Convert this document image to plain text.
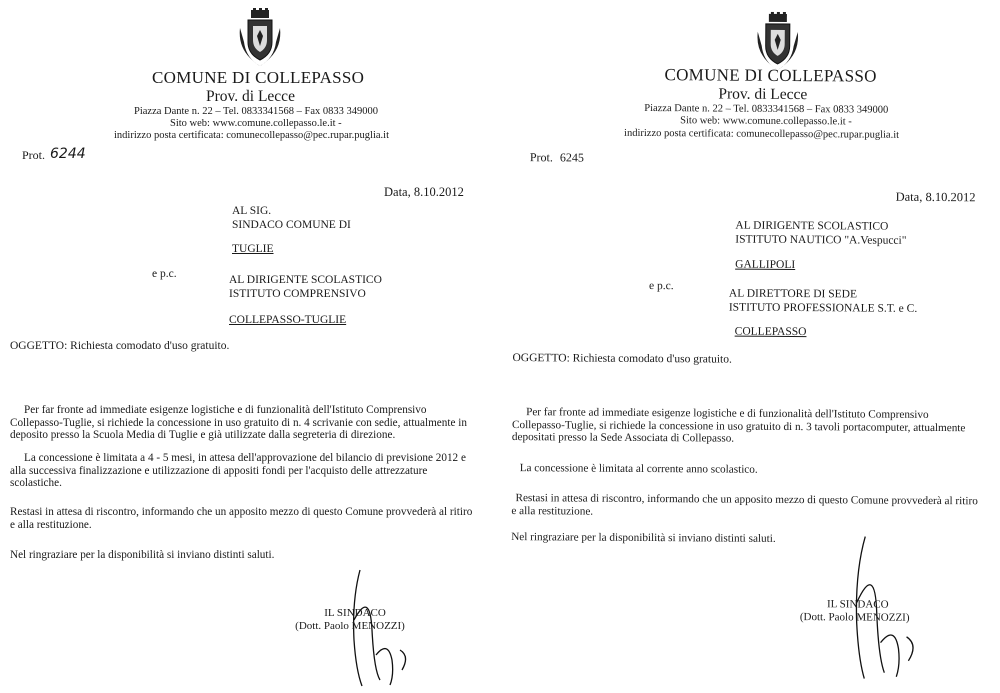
COMUNE DI COLLEPASSO
Prov. di Lecce
Piazza Dante n. 22 – Tel. 0833341568 – Fax 0833 349000
Sito web: www.comune.collepasso.le.it -
indirizzo posta certificata: comunecollepasso@pec.rupar.puglia.it
Prot. 6244
Data, 8.10.2012
AL SIG.
SINDACO COMUNE DI
TUGLIE
e p.c.	AL DIRIGENTE SCOLASTICO
ISTITUTO COMPRENSIVO
COLLEPASSO-TUGLIE
OGGETTO: Richiesta comodato d'uso gratuito.
Per far fronte ad immediate esigenze logistiche e di funzionalità dell'Istituto Comprensivo Collepasso-Tuglie, si richiede la concessione in uso gratuito di n. 4 scrivanie con sedie, attualmente in deposito presso la Scuola Media di Tuglie e già utilizzate dalla segreteria di direzione.
La concessione è limitata a 4 - 5 mesi, in attesa dell'approvazione del bilancio di previsione 2012 e alla successiva finalizzazione e utilizzazione di appositi fondi per l'acquisto delle attrezzature scolastiche.
Restasi in attesa di riscontro, informando che un apposito mezzo di questo Comune provvederà al ritiro e alla restituzione.
Nel ringraziare per la disponibilità si inviano distinti saluti.
IL SINDACO
(Dott. Paolo MENOZZI)
COMUNE DI COLLEPASSO
Prov. di Lecce
Piazza Dante n. 22 – Tel. 0833341568 – Fax 0833 349000
Sito web: www.comune.collepasso.le.it -
indirizzo posta certificata: comunecollepasso@pec.rupar.puglia.it
Prot. 6245
Data, 8.10.2012
AL DIRIGENTE SCOLASTICO
ISTITUTO NAUTICO "A.Vespucci"
GALLIPOLI
e p.c.
AL DIRETTORE DI SEDE
ISTITUTO PROFESSIONALE S.T. e C.
COLLEPASSO
OGGETTO: Richiesta comodato d'uso gratuito.
Per far fronte ad immediate esigenze logistiche e di funzionalità dell'Istituto Comprensivo Collepasso-Tuglie, si richiede la concessione in uso gratuito di n. 3 tavoli portacomputer, attualmente depositati presso la Sede Associata di Collepasso.
La concessione è limitata al corrente anno scolastico.
Restasi in attesa di riscontro, informando che un apposito mezzo di questo Comune provvederà al ritiro e alla restituzione.
Nel ringraziare per la disponibilità si inviano distinti saluti.
IL SINDACO
(Dott. Paolo MENOZZI)
